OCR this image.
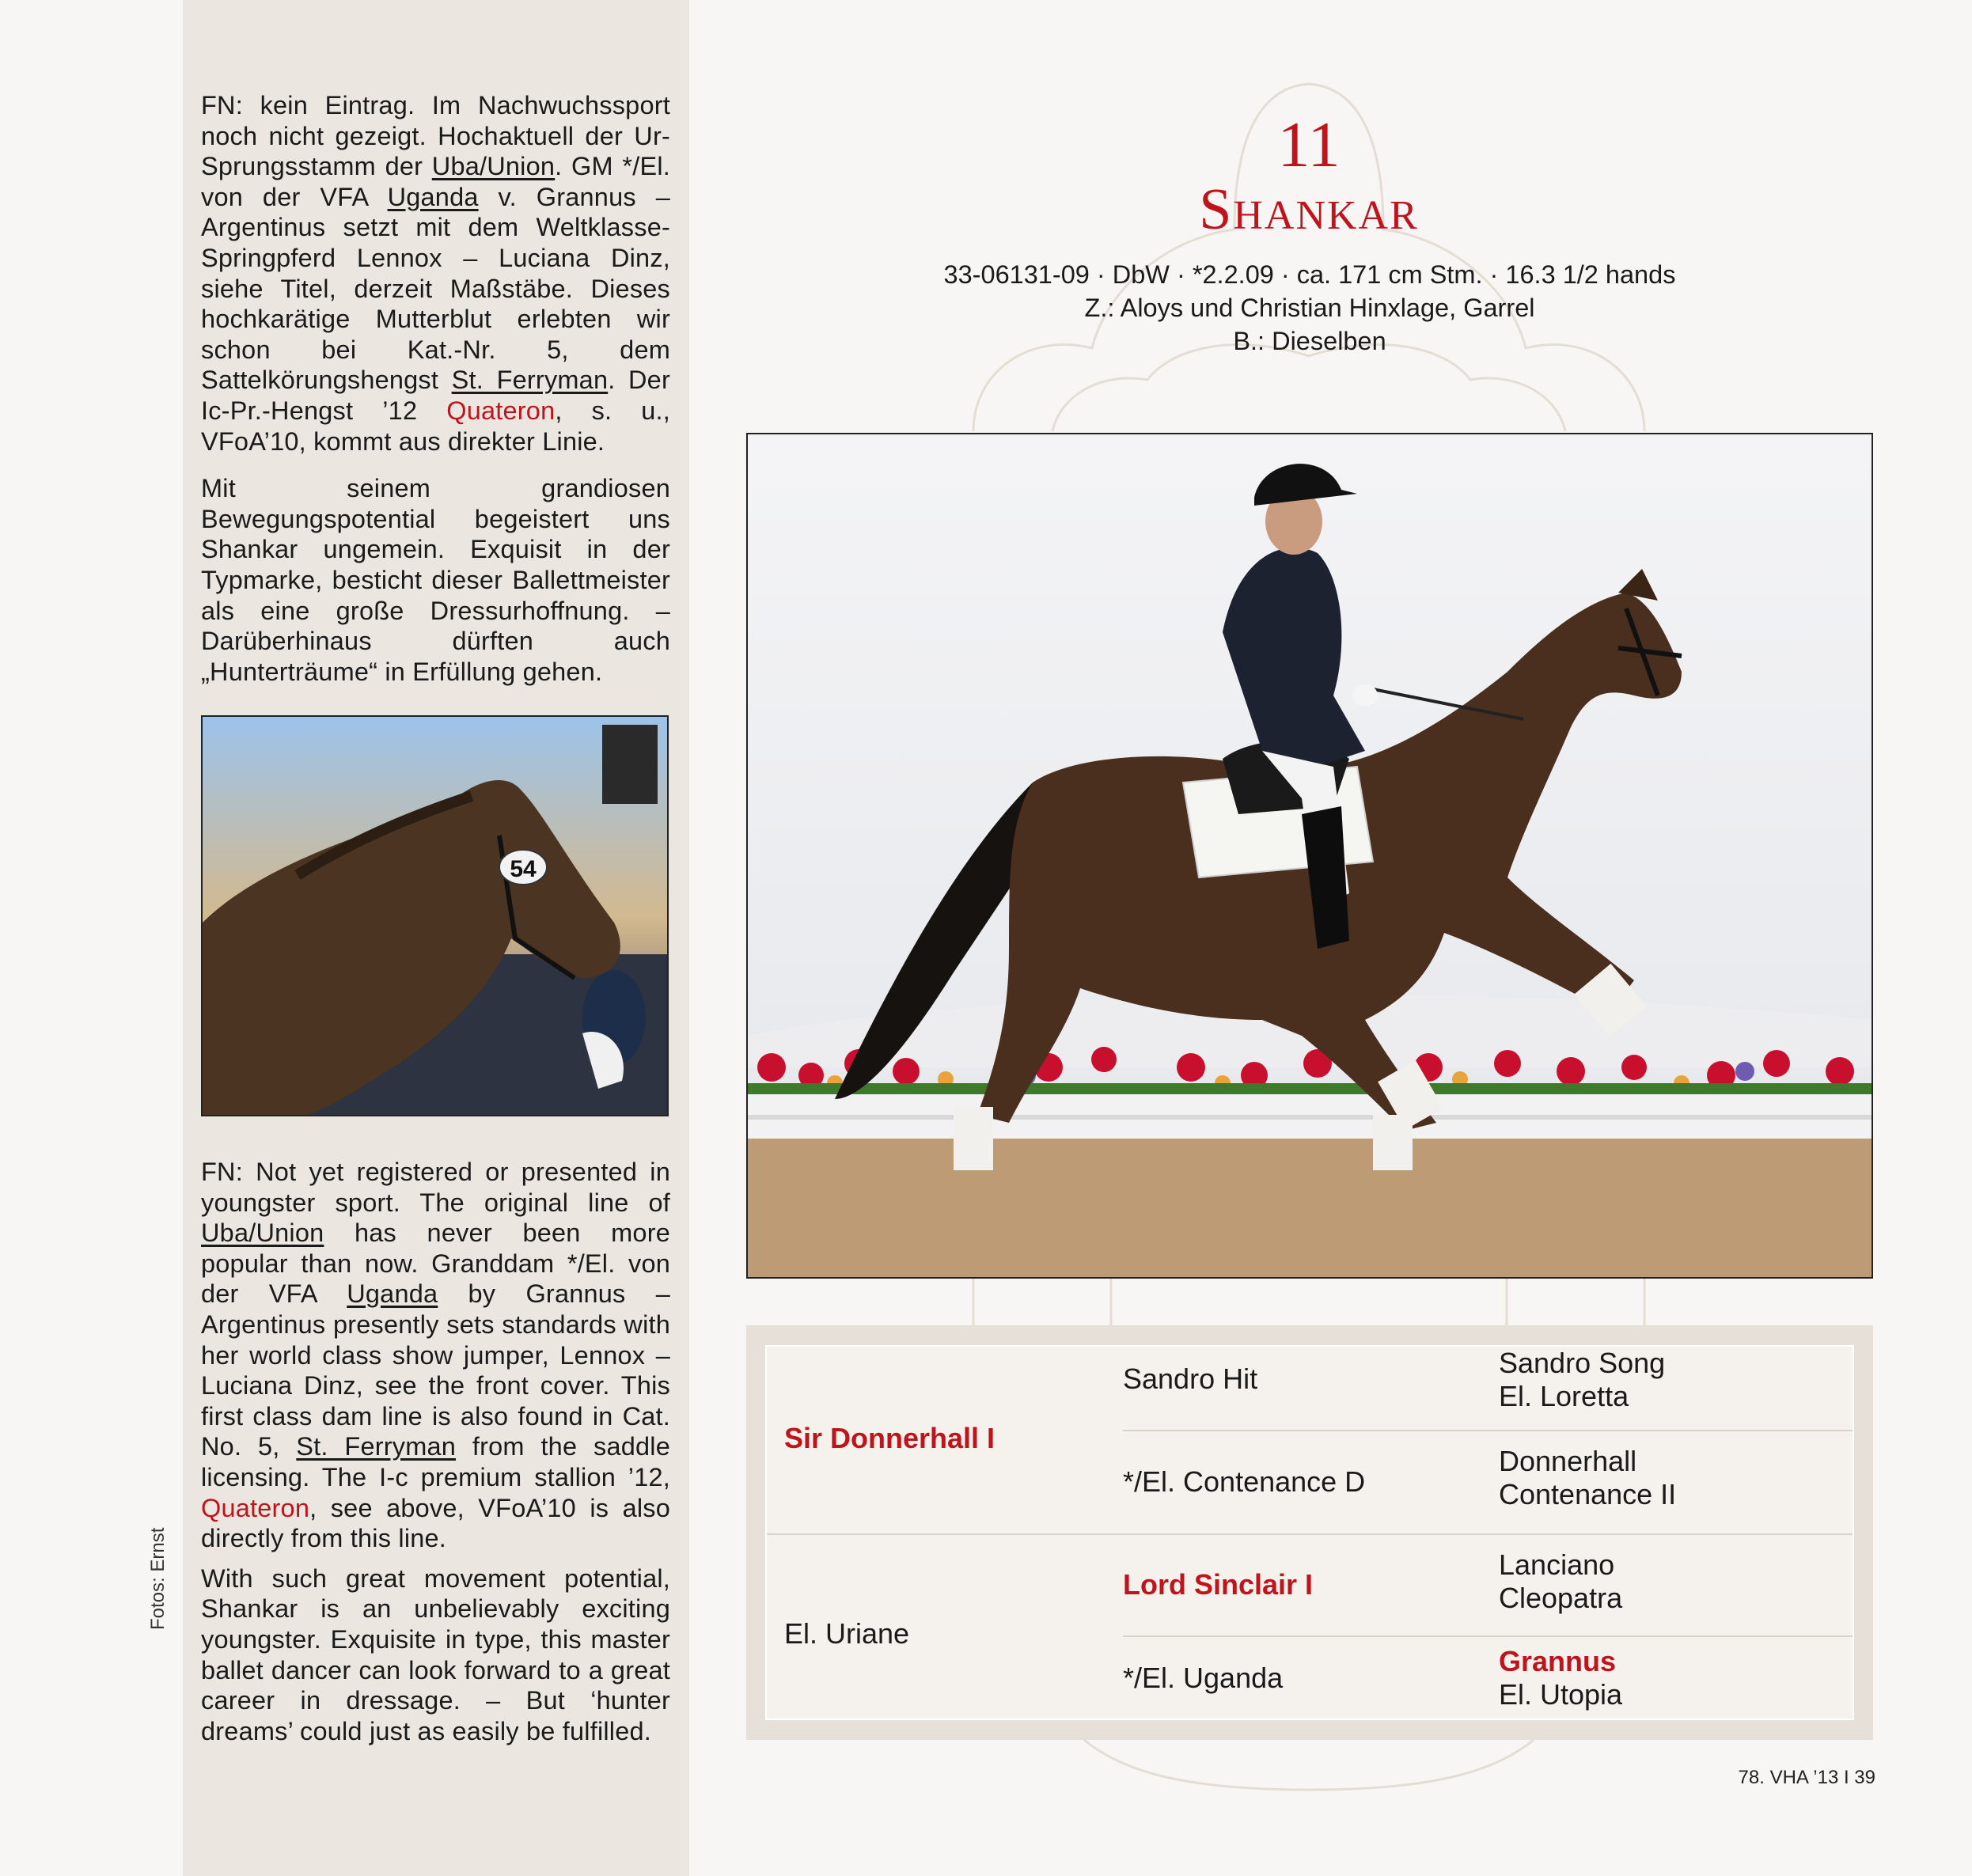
FN: kein Eintrag. Im Nachwuchssport noch nicht gezeigt. Hochaktuell der Ur-Sprungsstamm der Uba/Union. GM */El. von der VFA Uganda v. Grannus – Argentinus setzt mit dem Weltklasse-Springpferd Lennox – Luciana Dinz, siehe Titel, derzeit Maßstäbe. Dieses hochkarätige Mutterblut erlebten wir schon bei Kat.-Nr. 5, dem Sattelkörungshengst St. Ferryman. Der Ic-Pr.-Hengst ’12 Quateron, s. u., VFoA’10, kommt aus direkter Linie.

Mit seinem grandiosen Bewegungspotential begeistert uns Shankar ungemein. Exquisit in der Typmarke, besticht dieser Ballettmeister als eine große Dressurhoffnung. – Darüberhinaus dürften auch „Hunterträume“ in Erfüllung gehen.

54

FN: Not yet registered or presented in youngster sport. The original line of Uba/Union has never been more popular than now. Granddam */El. von der VFA Uganda by Grannus – Argentinus presently sets standards with her world class show jumper, Lennox – Luciana Dinz, see the front cover. This first class dam line is also found in Cat. No. 5, St. Ferryman from the saddle licensing. The I-c premium stallion ’12, Quateron, see above, VFoA’10 is also directly from this line.

With such great movement potential, Shankar is an unbelievably exciting youngster. Exquisite in type, this master ballet dancer can look forward to a great career in dressage. – But ‘hunter dreams’ could just as easily be fulfilled.

Fotos: Ernst
11
Shankar
33-06131-09 · DbW · *2.2.09 · ca. 171 cm Stm. · 16.3 1/2 hands
Z.: Aloys und Christian Hinxlage, Garrel
B.: Dieselben
Sir Donnerhall I
El. Uriane
Sandro Hit
*/El. Contenance D
Lord Sinclair I
*/El. Uganda
Sandro Song
El. Loretta
Donnerhall
Contenance II
Lanciano
Cleopatra
Grannus
El. Utopia
78. VHA ’13 I 39
